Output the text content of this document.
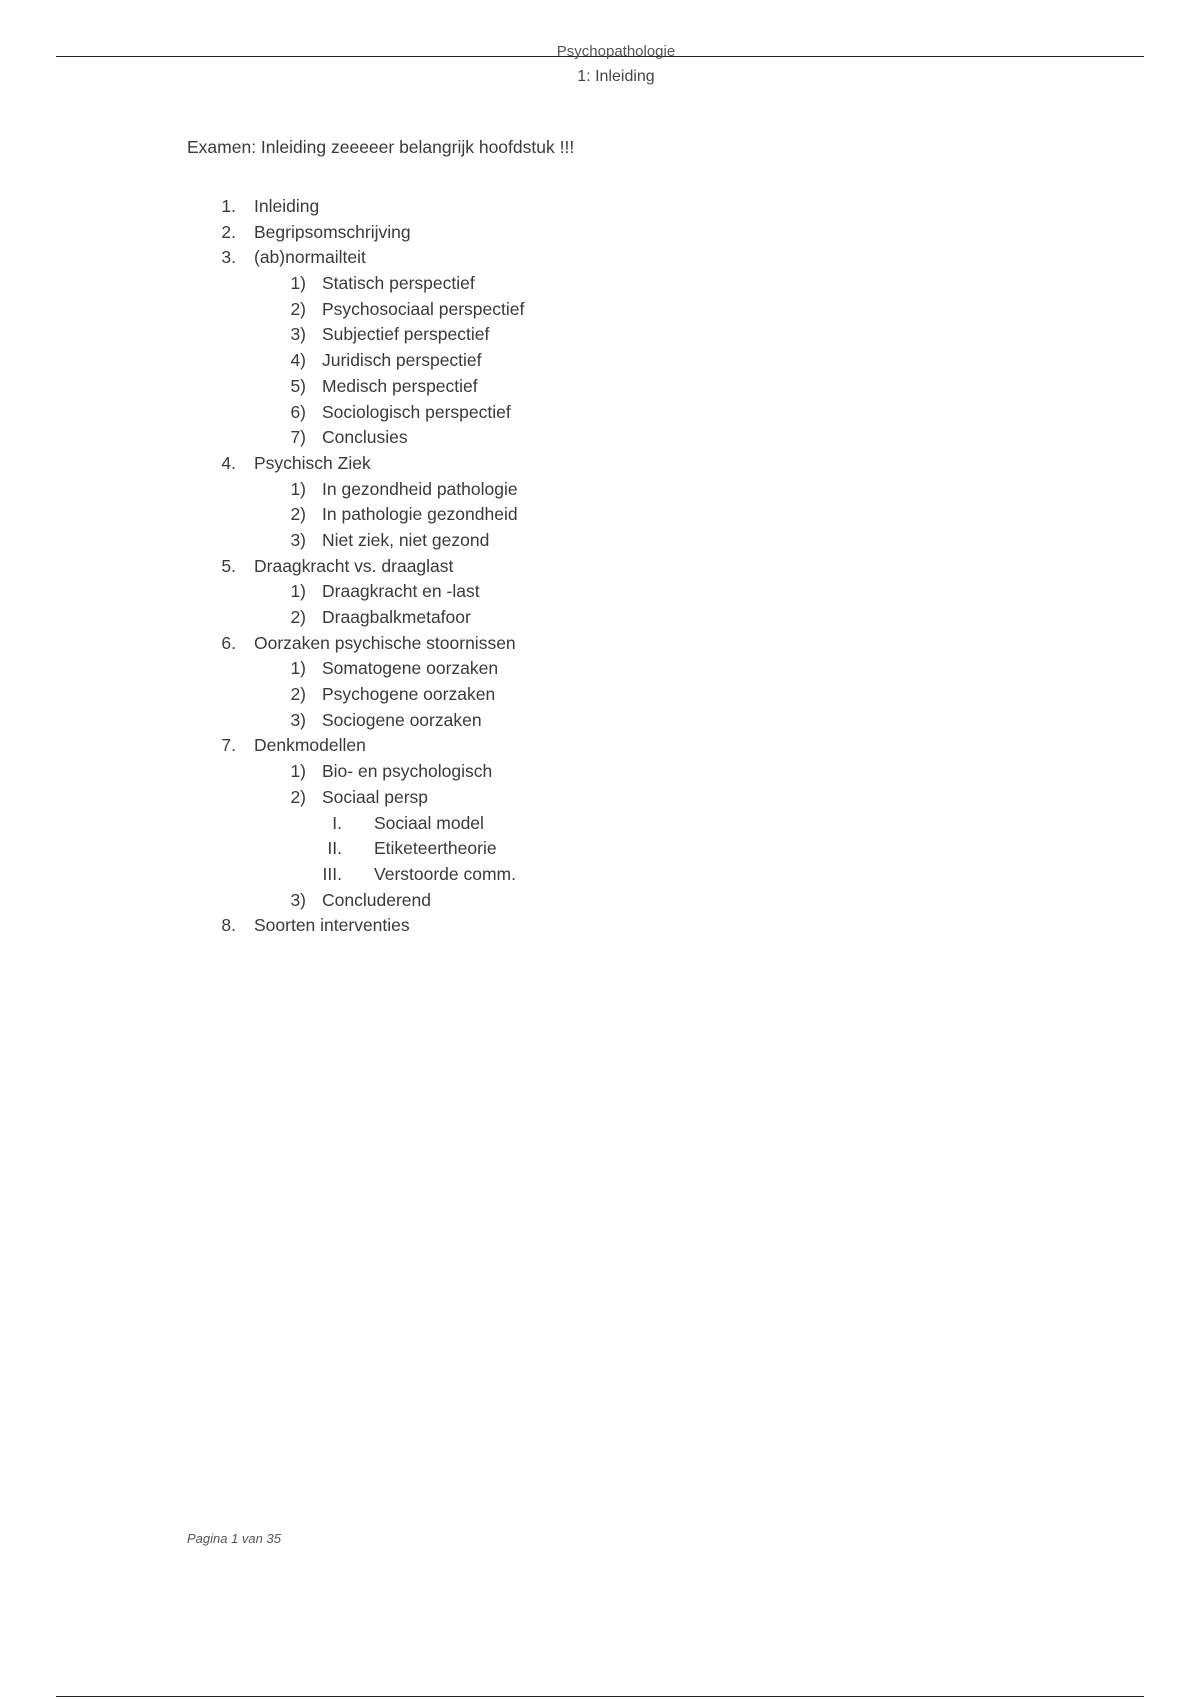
Psychopathologie
1: Inleiding
Examen: Inleiding zeeeeer belangrijk hoofdstuk !!!
1. Inleiding
2. Begripsomschrijving
3. (ab)normailteit
1) Statisch perspectief
2) Psychosociaal perspectief
3) Subjectief perspectief
4) Juridisch perspectief
5) Medisch perspectief
6) Sociologisch perspectief
7) Conclusies
4. Psychisch Ziek
1) In gezondheid pathologie
2) In pathologie gezondheid
3) Niet ziek, niet gezond
5. Draagkracht vs. draaglast
1) Draagkracht en -last
2) Draagbalkmetafoor
6. Oorzaken psychische stoornissen
1) Somatogene oorzaken
2) Psychogene oorzaken
3) Sociogene oorzaken
7. Denkmodellen
1) Bio- en psychologisch
2) Sociaal persp
I. Sociaal model
II. Etiketeertheorie
III. Verstoorde comm.
3) Concluderend
8. Soorten interventies
Pagina 1 van 35
